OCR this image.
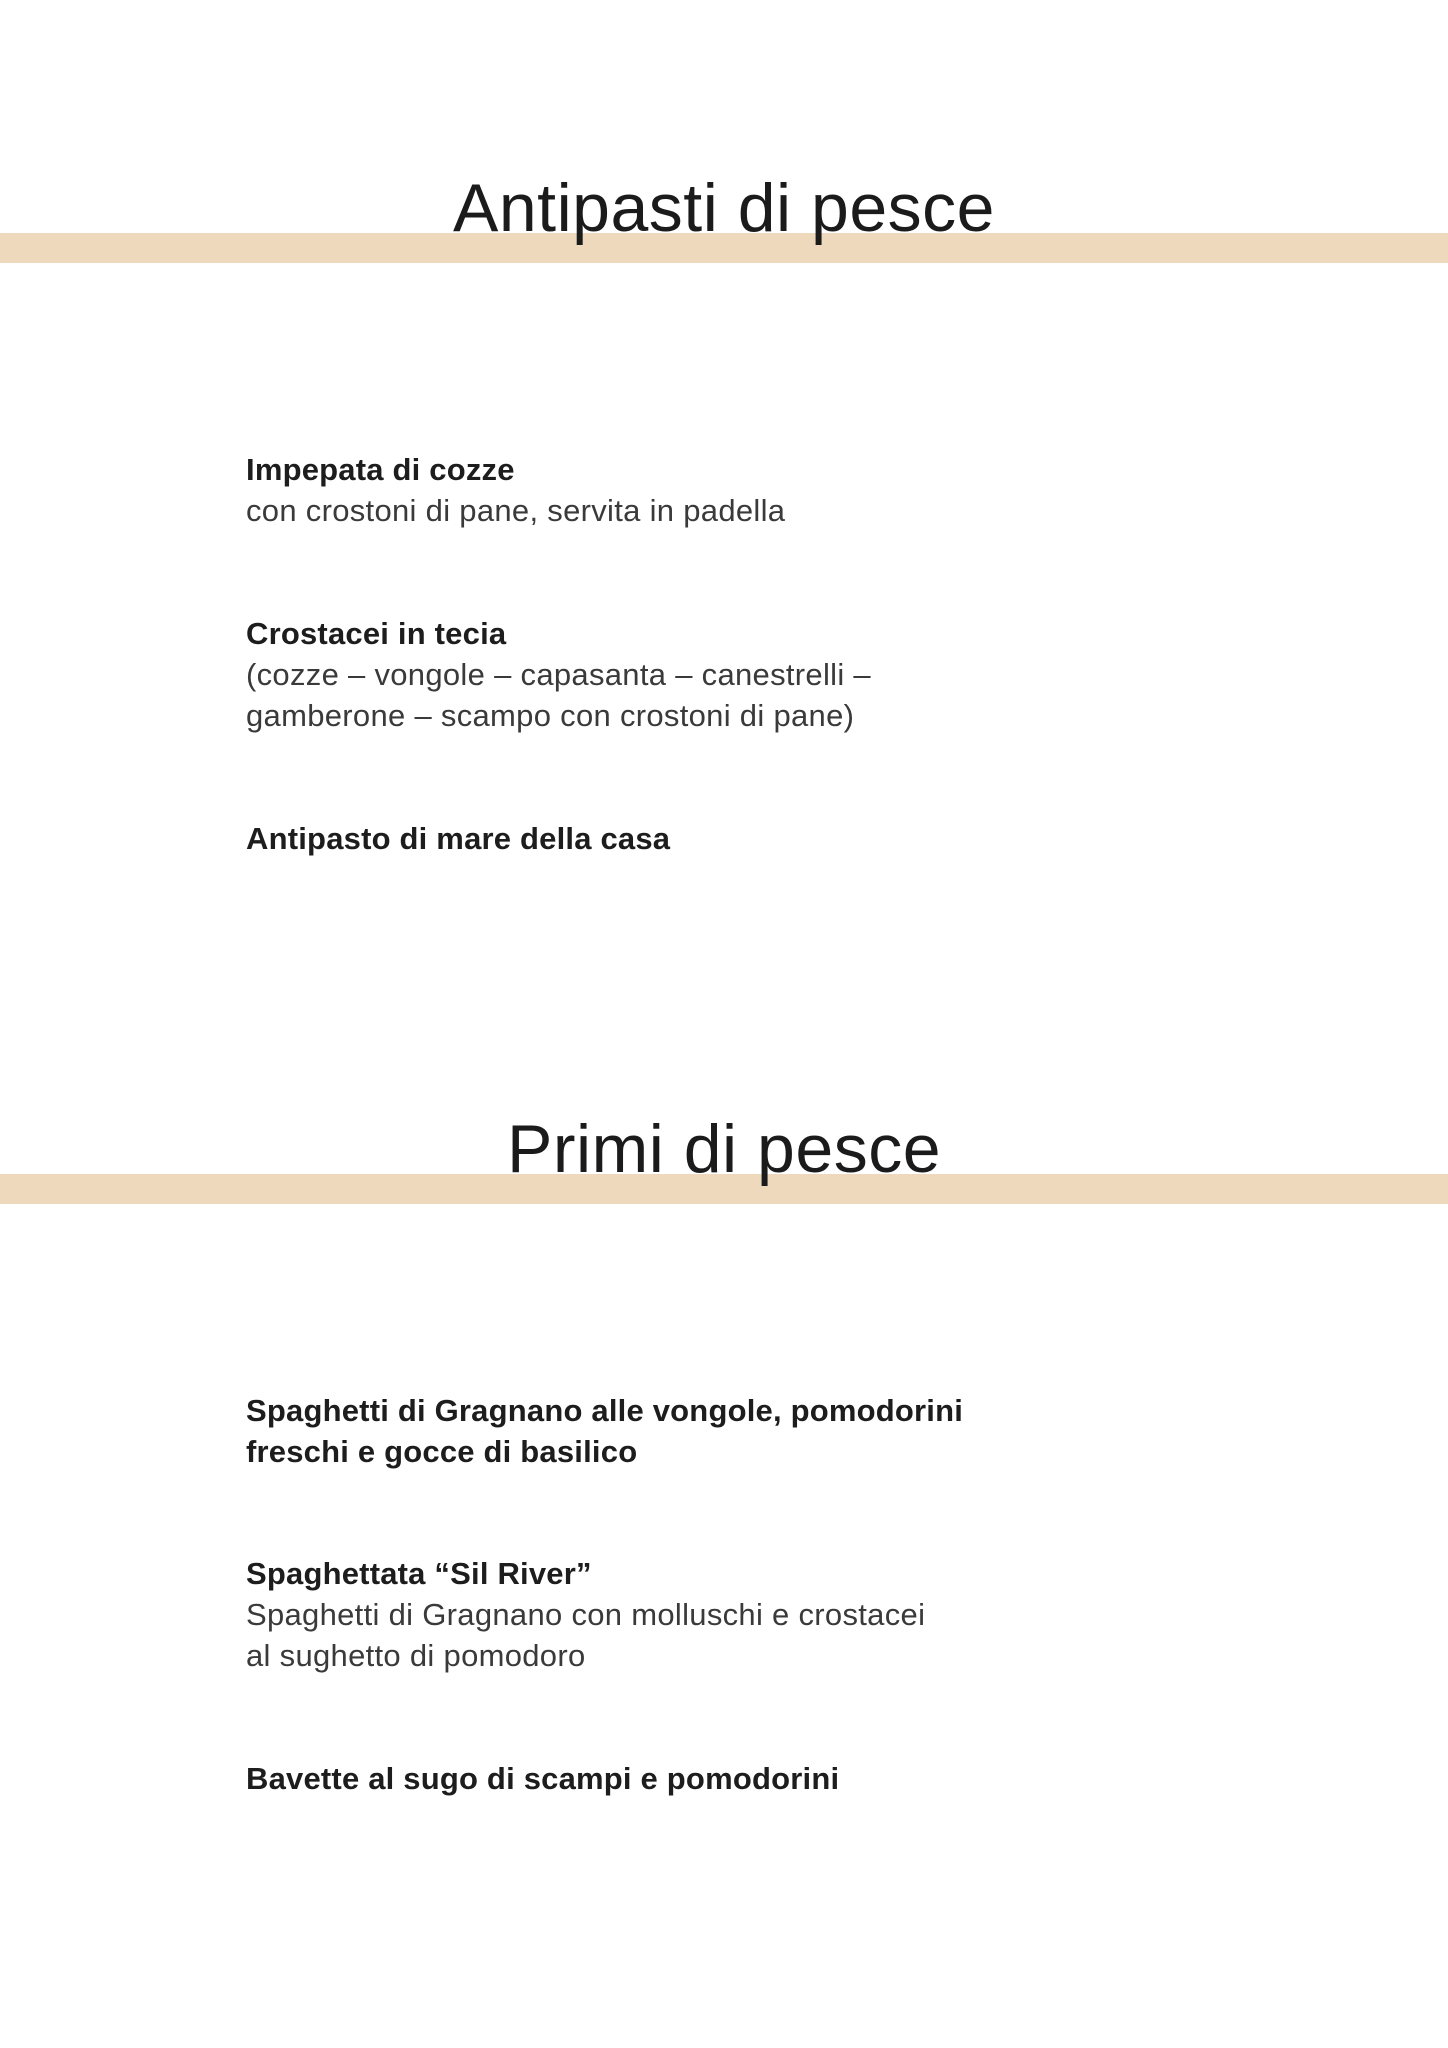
Antipasti di pesce
Impepata di cozze
con crostoni di pane, servita in padella
Crostacei in tecia
(cozze – vongole – capasanta – canestrelli –
gamberone – scampo con crostoni di pane)
Antipasto di mare della casa
Primi di pesce
Spaghetti di Gragnano alle vongole, pomodorini
freschi e gocce di basilico
Spaghettata “Sil River”
Spaghetti di Gragnano con molluschi e crostacei
al sughetto di pomodoro
Bavette al sugo di scampi e pomodorini
